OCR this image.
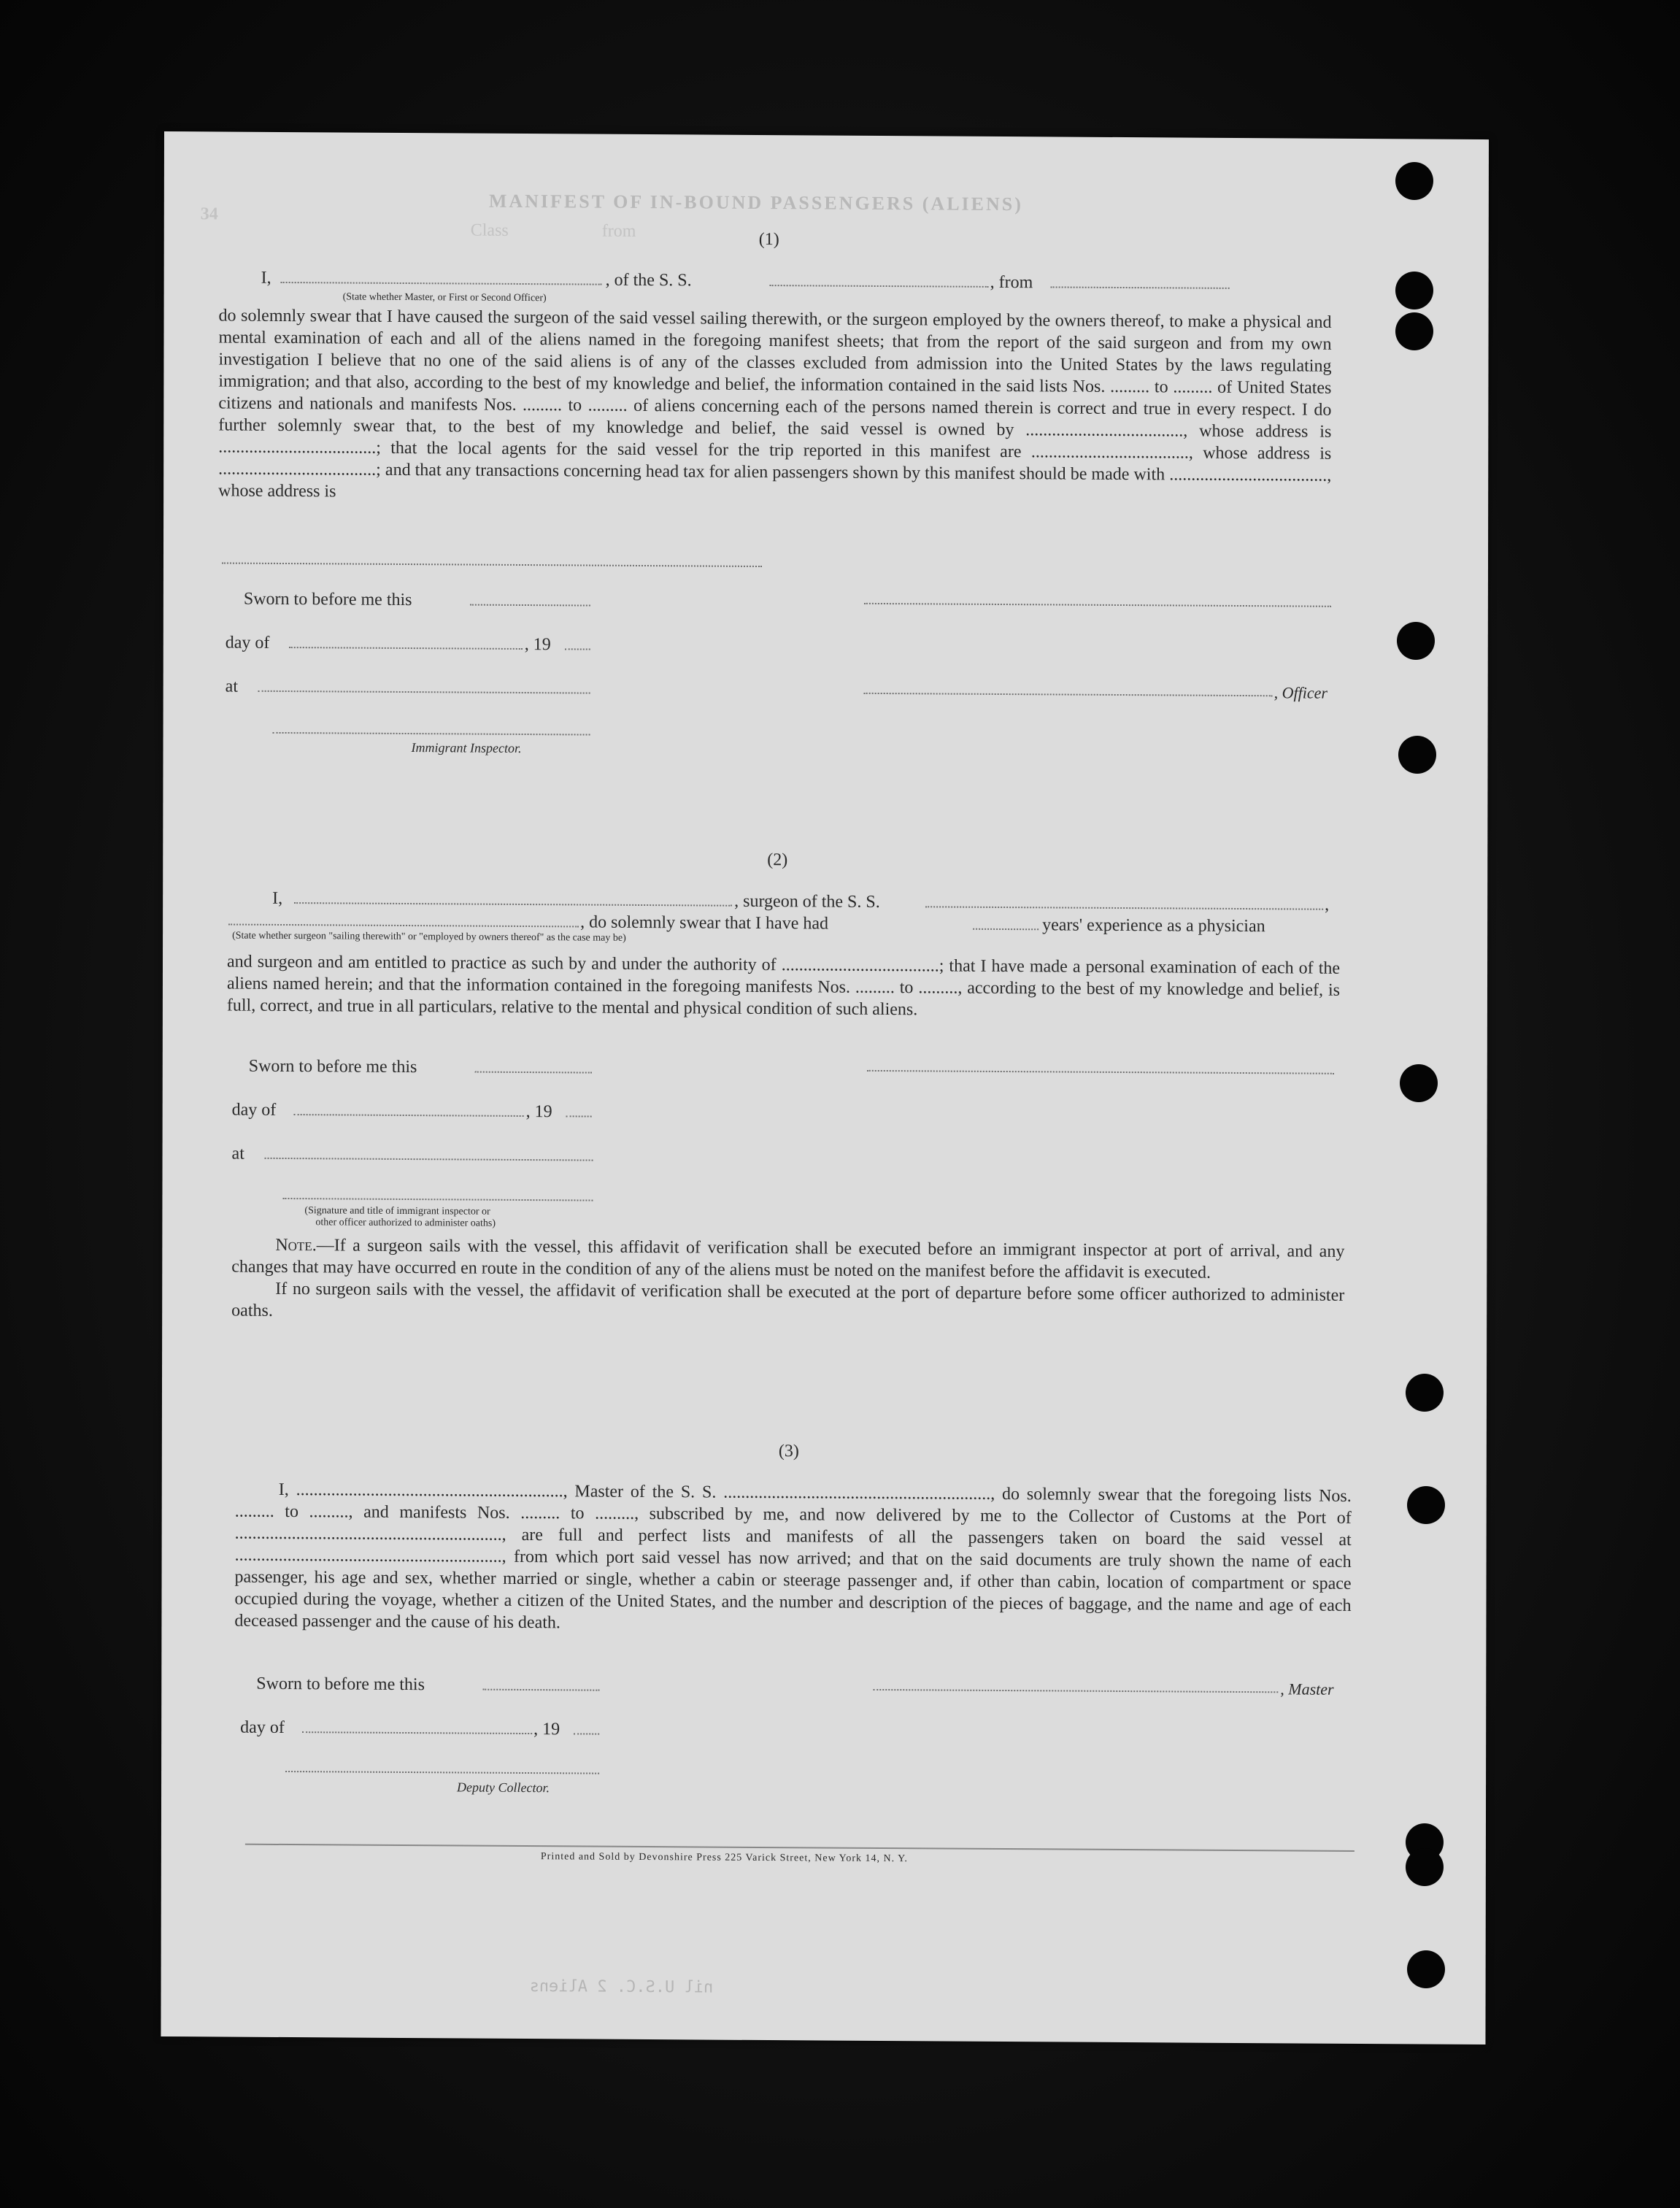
MANIFEST OF IN-BOUND PASSENGERS (ALIENS)
Class	from
34
(1)
I,	, of the S. S.	, from
(State whether Master, or First or Second Officer)

do solemnly swear that I have caused the surgeon of the said vessel sailing therewith, or the surgeon employed by the owners thereof, to make a physical and mental examination of each and all of the aliens named in the foregoing manifest sheets; that from the report of the said surgeon and from my own investigation I believe that no one of the said aliens is of any of the classes excluded from admission into the United States by the laws regulating immigration; and that also, according to the best of my knowledge and belief, the information contained in the said lists Nos. ......... to ......... of United States citizens and nationals and manifests Nos. ......... to ......... of aliens concerning each of the persons named therein is correct and true in every respect. I do further solemnly swear that, to the best of my knowledge and belief, the said vessel is owned by ...................................., whose address is ....................................; that the local agents for the said vessel for the trip reported in this manifest are ...................................., whose address is ....................................; and that any transactions concerning head tax for alien passengers shown by this manifest should be made with ...................................., whose address is

Sworn to before me this
day of	, 19
at	, Officer
Immigrant Inspector.
(2)
I,	, surgeon of the S. S.	,
, do solemnly swear that I have had	years' experience as a physician
(State whether surgeon "sailing therewith" or "employed by owners thereof" as the case may be)

and surgeon and am entitled to practice as such by and under the authority of ....................................; that I have made a personal examination of each of the aliens named herein; and that the information contained in the foregoing manifests Nos. ......... to ........., according to the best of my knowledge and belief, is full, correct, and true in all particulars, relative to the mental and physical condition of such aliens.

Sworn to before me this
day of	, 19
at
(Signature and title of immigrant inspector or
other officer authorized to administer oaths)

Note.—If a surgeon sails with the vessel, this affidavit of verification shall be executed before an immigrant inspector at port of arrival, and any changes that may have occurred en route in the condition of any of the aliens must be noted on the manifest before the affidavit is executed.

If no surgeon sails with the vessel, the affidavit of verification shall be executed at the port of departure before some officer authorized to administer oaths.

(3)

I, ............................................................., Master of the S. S. ............................................................., do solemnly swear that the foregoing lists Nos. ......... to ........., and manifests Nos. ......... to ........., subscribed by me, and now delivered by me to the Collector of Customs at the Port of ............................................................., are full and perfect lists and manifests of all the passengers taken on board the said vessel at ............................................................., from which port said vessel has now arrived; and that on the said documents are truly shown the name of each passenger, his age and sex, whether married or single, whether a cabin or steerage passenger and, if other than cabin, location of compartment or space occupied during the voyage, whether a citizen of the United States, and the number and description of the pieces of baggage, and the name and age of each deceased passenger and the cause of his death.

Sworn to before me this	, Master
day of	, 19
Deputy Collector.
Printed and Sold by Devonshire Press 225 Varick Street, New York 14, N. Y.
nil U.S.C. 2 Aliens
